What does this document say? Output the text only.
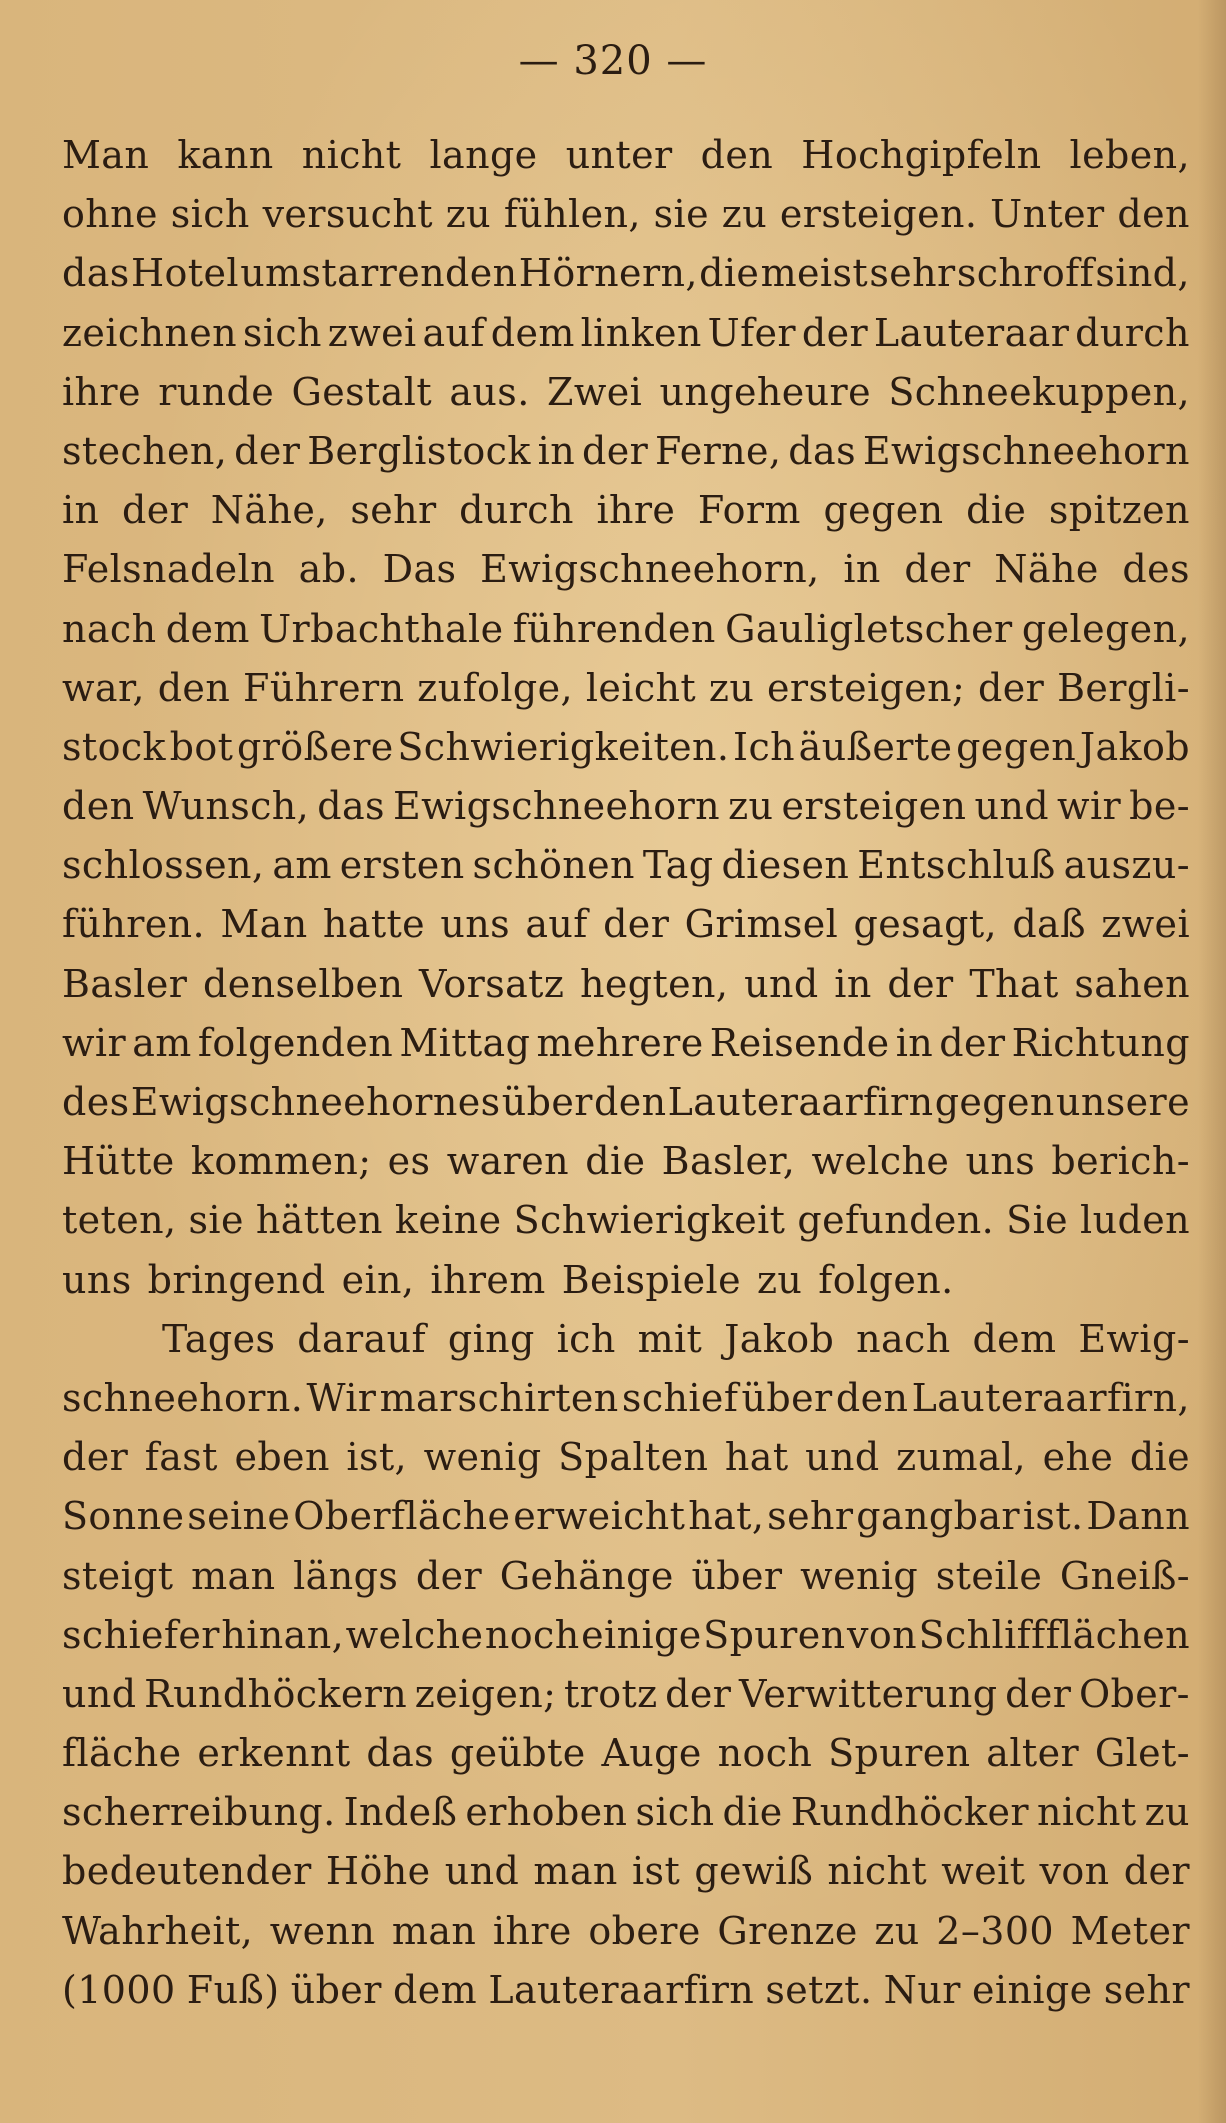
— 320 —
Man kann nicht lange unter den Hochgipfeln leben,
ohne sich versucht zu fühlen, sie zu ersteigen. Unter den
das Hotel umstarrenden Hörnern, die meist sehr schroff sind,
zeichnen sich zwei auf dem linken Ufer der Lauteraar durch
ihre runde Gestalt aus. Zwei ungeheure Schneekuppen,
stechen, der Berglistock in der Ferne, das Ewigschneehorn
in der Nähe, sehr durch ihre Form gegen die spitzen
Felsnadeln ab. Das Ewigschneehorn, in der Nähe des
nach dem Urbachthale führenden Gauligletscher gelegen,
war, den Führern zufolge, leicht zu ersteigen; der Bergli-
stock bot größere Schwierigkeiten. Ich äußerte gegen Jakob
den Wunsch, das Ewigschneehorn zu ersteigen und wir be-
schlossen, am ersten schönen Tag diesen Entschluß auszu-
führen. Man hatte uns auf der Grimsel gesagt, daß zwei
Basler denselben Vorsatz hegten, und in der That sahen
wir am folgenden Mittag mehrere Reisende in der Richtung
des Ewigschneehornes über den Lauteraarfirn gegen unsere
Hütte kommen; es waren die Basler, welche uns berich-
teten, sie hätten keine Schwierigkeit gefunden. Sie luden
uns bringend ein, ihrem Beispiele zu folgen.
Tages darauf ging ich mit Jakob nach dem Ewig-
schneehorn. Wir marschirten schief über den Lauteraarfirn,
der fast eben ist, wenig Spalten hat und zumal, ehe die
Sonne seine Oberfläche erweicht hat, sehr gangbar ist. Dann
steigt man längs der Gehänge über wenig steile Gneiß-
schiefer hinan, welche noch einige Spuren von Schliffflächen
und Rundhöckern zeigen; trotz der Verwitterung der Ober-
fläche erkennt das geübte Auge noch Spuren alter Glet-
scherreibung. Indeß erhoben sich die Rundhöcker nicht zu
bedeutender Höhe und man ist gewiß nicht weit von der
Wahrheit, wenn man ihre obere Grenze zu 2–300 Meter
(1000 Fuß) über dem Lauteraarfirn setzt. Nur einige sehr
